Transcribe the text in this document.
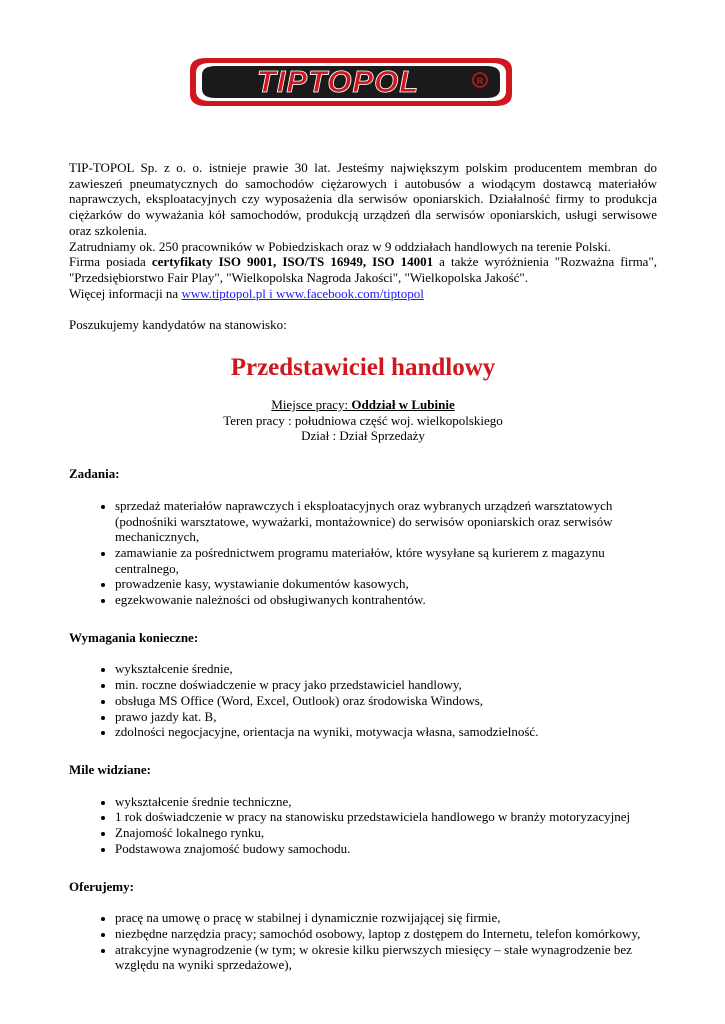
TIPTOPOL	R

TIP-TOPOL Sp. z o. o. istnieje prawie 30 lat. Jesteśmy największym polskim producentem membran do zawieszeń pneumatycznych do samochodów ciężarowych i autobusów a wiodącym dostawcą materiałów naprawczych, eksploatacyjnych czy wyposażenia dla serwisów oponiarskich. Działalność firmy to produkcja ciężarków do wyważania kół samochodów, produkcją urządzeń dla serwisów oponiarskich, usługi serwisowe oraz szkolenia.

Zatrudniamy ok. 250 pracowników w Pobiedziskach oraz w 9 oddziałach handlowych na terenie Polski.

Firma posiada certyfikaty ISO 9001, ISO/TS 16949, ISO 14001 a także wyróżnienia "Rozważna firma", "Przedsiębiorstwo Fair Play", "Wielkopolska Nagroda Jakości", "Wielkopolska Jakość".

Więcej informacji na www.tiptopol.pl i www.facebook.com/tiptopol

Poszukujemy kandydatów na stanowisko:

Przedstawiciel handlowy

Miejsce pracy: Oddział w Lubinie

Teren pracy : południowa część woj. wielkopolskiego

Dział : Dział Sprzedaży

Zadania:
• sprzedaż materiałów naprawczych i eksploatacyjnych oraz wybranych urządzeń warsztatowych (podnośniki warsztatowe, wyważarki, montażownice) do serwisów oponiarskich oraz serwisów mechanicznych,
• zamawianie za pośrednictwem programu materiałów, które wysyłane są kurierem z magazynu centralnego,
• prowadzenie kasy, wystawianie dokumentów kasowych,
• egzekwowanie należności od obsługiwanych kontrahentów.
Wymagania konieczne:
• wykształcenie średnie,
• min. roczne doświadczenie w pracy jako przedstawiciel handlowy,
• obsługa MS Office (Word, Excel, Outlook) oraz środowiska Windows,
• prawo jazdy kat. B,
• zdolności negocjacyjne, orientacja na wyniki, motywacja własna, samodzielność.
Mile widziane:
• wykształcenie średnie techniczne,
• 1 rok doświadczenie w pracy na stanowisku przedstawiciela handlowego w branży motoryzacyjnej
• Znajomość lokalnego rynku,
• Podstawowa znajomość budowy samochodu.
Oferujemy:
• pracę na umowę o pracę w stabilnej i dynamicznie rozwijającej się firmie,
• niezbędne narzędzia pracy; samochód osobowy, laptop z dostępem do Internetu, telefon komórkowy,
• atrakcyjne wynagrodzenie (w tym; w okresie kilku pierwszych miesięcy – stałe wynagrodzenie bez względu na wyniki sprzedażowe),
